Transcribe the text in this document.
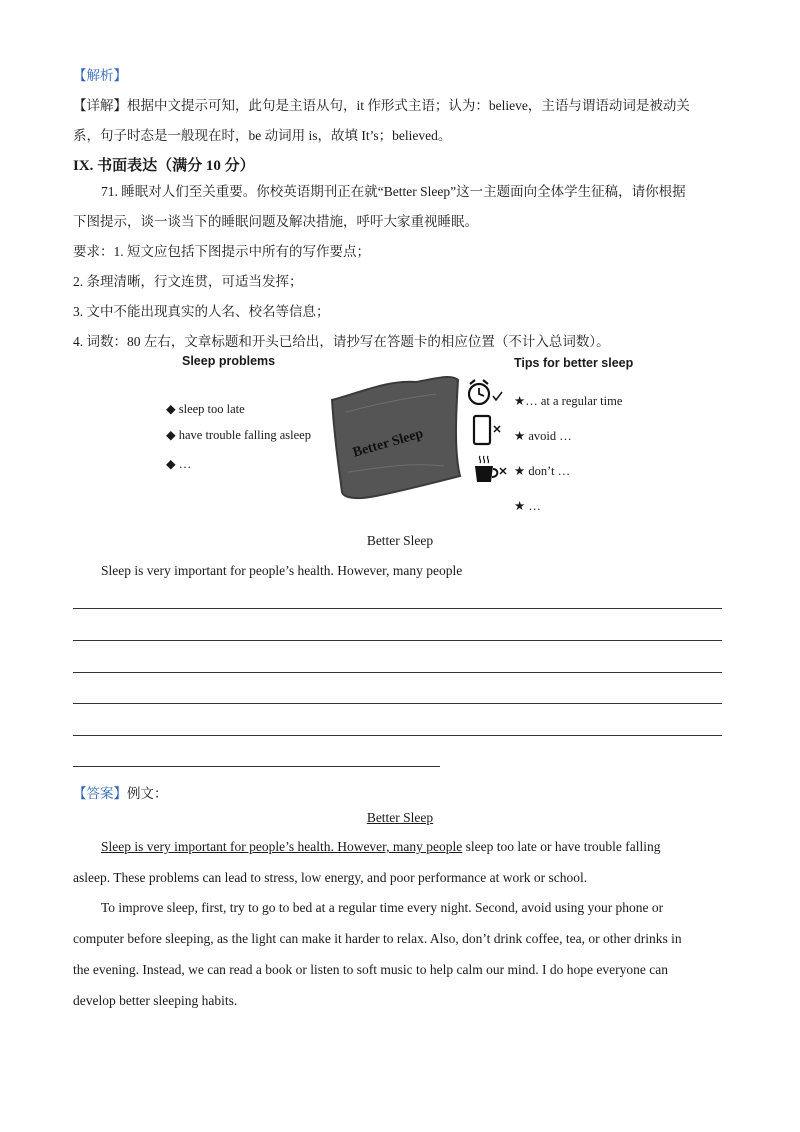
【解析】
【详解】根据中文提示可知，此句是主语从句，it 作形式主语；认为：believe，主语与谓语动词是被动关
系，句子时态是一般现在时，be 动词用 is，故填 It’s；believed。
IX. 书面表达（满分 10 分）
71. 睡眠对人们至关重要。你校英语期刊正在就“Better Sleep”这一主题面向全体学生征稿，请你根据
下图提示，谈一谈当下的睡眠问题及解决措施，呼吁大家重视睡眠。
要求：1. 短文应包括下图提示中所有的写作要点；
2. 条理清晰，行文连贯，可适当发挥；
3. 文中不能出现真实的人名、校名等信息；
4. 词数：80 左右，文章标题和开头已给出，请抄写在答题卡的相应位置（不计入总词数）。
Sleep problems
◆ sleep too late
◆ have trouble falling asleep
◆ …
Better Sleep
Tips for better sleep
★… at a regular time
★ avoid …
★ don’t …
★ …
Better Sleep
Sleep is very important for people’s health. However, many people
【答案】例文：
Better Sleep
Sleep is very important for people’s health. However, many people sleep too late or have trouble falling
asleep. These problems can lead to stress, low energy, and poor performance at work or school.
To improve sleep, first, try to go to bed at a regular time every night. Second, avoid using your phone or
computer before sleeping, as the light can make it harder to relax. Also, don’t drink coffee, tea, or other drinks in
the evening. Instead, we can read a book or listen to soft music to help calm our mind. I do hope everyone can
develop better sleeping habits.
